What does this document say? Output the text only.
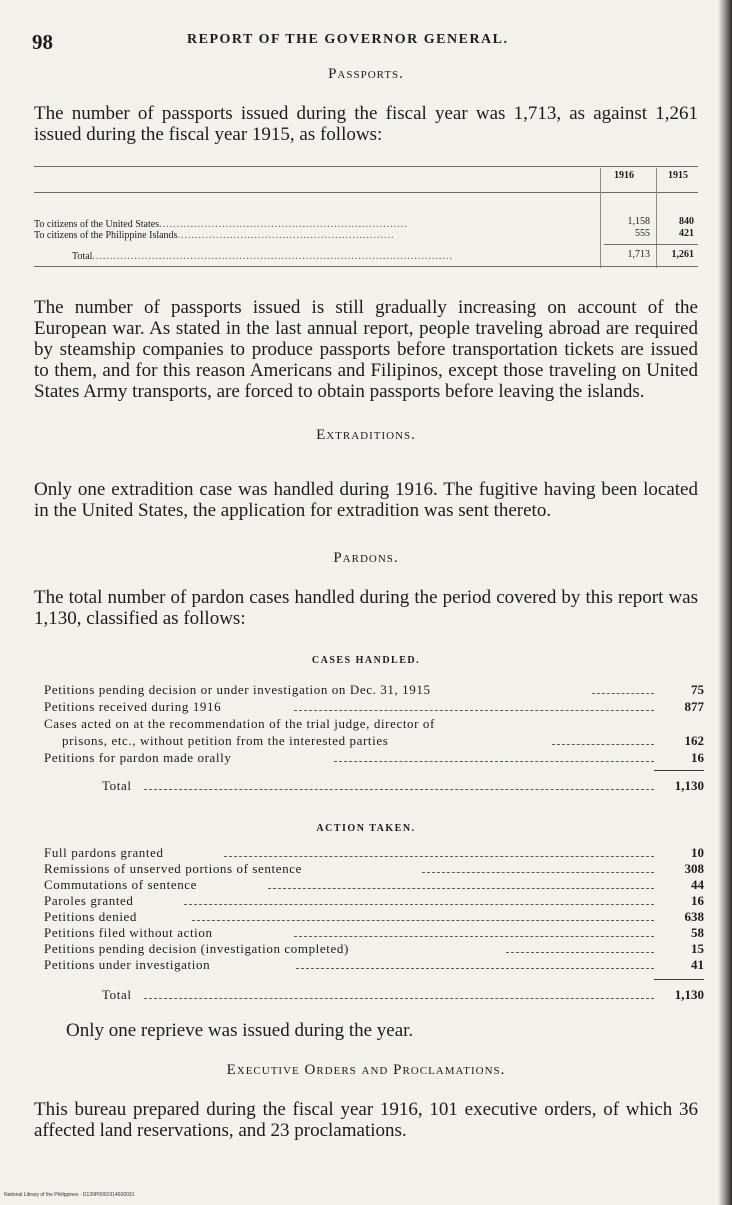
98	REPORT OF THE GOVERNOR GENERAL.
Passports.
The number of passports issued during the fiscal year was 1,713, as against 1,261 issued during the fiscal year 1915, as follows:
1916	1915
To citizens of the United States.......................................................................	1,158	840
To citizens of the Philippine Islands..............................................................	555	421
Total.......................................................................................................	1,713	1,261
The number of passports issued is still gradually increasing on account of the European war. As stated in the last annual report, people traveling abroad are required by steamship companies to produce passports before transportation tickets are issued to them, and for this reason Americans and Filipinos, except those traveling on United States Army transports, are forced to obtain passports before leaving the islands.
Extraditions.
Only one extradition case was handled during 1916. The fugitive having been located in the United States, the application for extradition was sent thereto.
Pardons.
The total number of pardon cases handled during the period covered by this report was 1,130, classified as follows:
CASES HANDLED.
Petitions pending decision or under investigation on Dec. 31, 1915	75
Petitions received during 1916	877
Cases acted on at the recommendation of the trial judge, director of
prisons, etc., without petition from the interested parties	162
Petitions for pardon made orally	16
Total	1,130
ACTION TAKEN.
Full pardons granted	10
Remissions of unserved portions of sentence	308
Commutations of sentence	44
Paroles granted	16
Petitions denied	638
Petitions filed without action	58
Petitions pending decision (investigation completed)	15
Petitions under investigation	41
Total	1,130
Only one reprieve was issued during the year.
Executive Orders and Proclamations.
This bureau prepared during the fiscal year 1916, 101 executive orders, of which 36 affected land reservations, and 23 proclamations.
National Library of the Philippines · D139P0001914600031
